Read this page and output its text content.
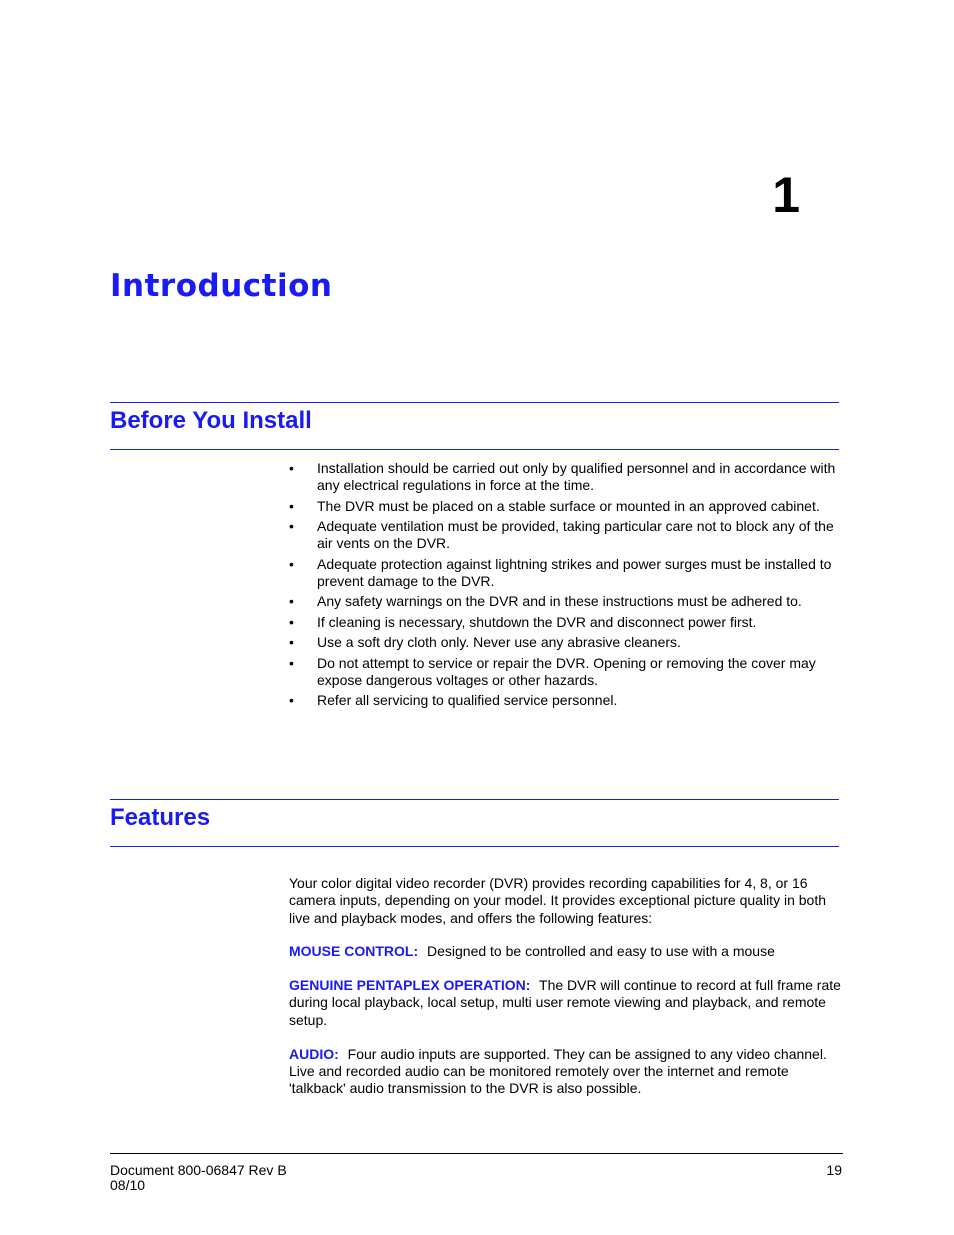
1
Introduction
Before You Install
• Installation should be carried out only by qualified personnel and in accordance with any electrical regulations in force at the time.
• The DVR must be placed on a stable surface or mounted in an approved cabinet.
• Adequate ventilation must be provided, taking particular care not to block any of the air vents on the DVR.
• Adequate protection against lightning strikes and power surges must be installed to prevent damage to the DVR.
• Any safety warnings on the DVR and in these instructions must be adhered to.
• If cleaning is necessary, shutdown the DVR and disconnect power first.
• Use a soft dry cloth only. Never use any abrasive cleaners.
• Do not attempt to service or repair the DVR. Opening or removing the cover may expose dangerous voltages or other hazards.
• Refer all servicing to qualified service personnel.
Features

Your color digital video recorder (DVR) provides recording capabilities for 4, 8, or 16 camera inputs, depending on your model. It provides exceptional picture quality in both live and playback modes, and offers the following features:

MOUSE CONTROL: Designed to be controlled and easy to use with a mouse

GENUINE PENTAPLEX OPERATION: The DVR will continue to record at full frame rate during local playback, local setup, multi user remote viewing and playback, and remote setup.

AUDIO: Four audio inputs are supported. They can be assigned to any video channel. Live and recorded audio can be monitored remotely over the internet and remote 'talkback' audio transmission to the DVR is also possible.

Document 800-06847 Rev B
08/10
19
